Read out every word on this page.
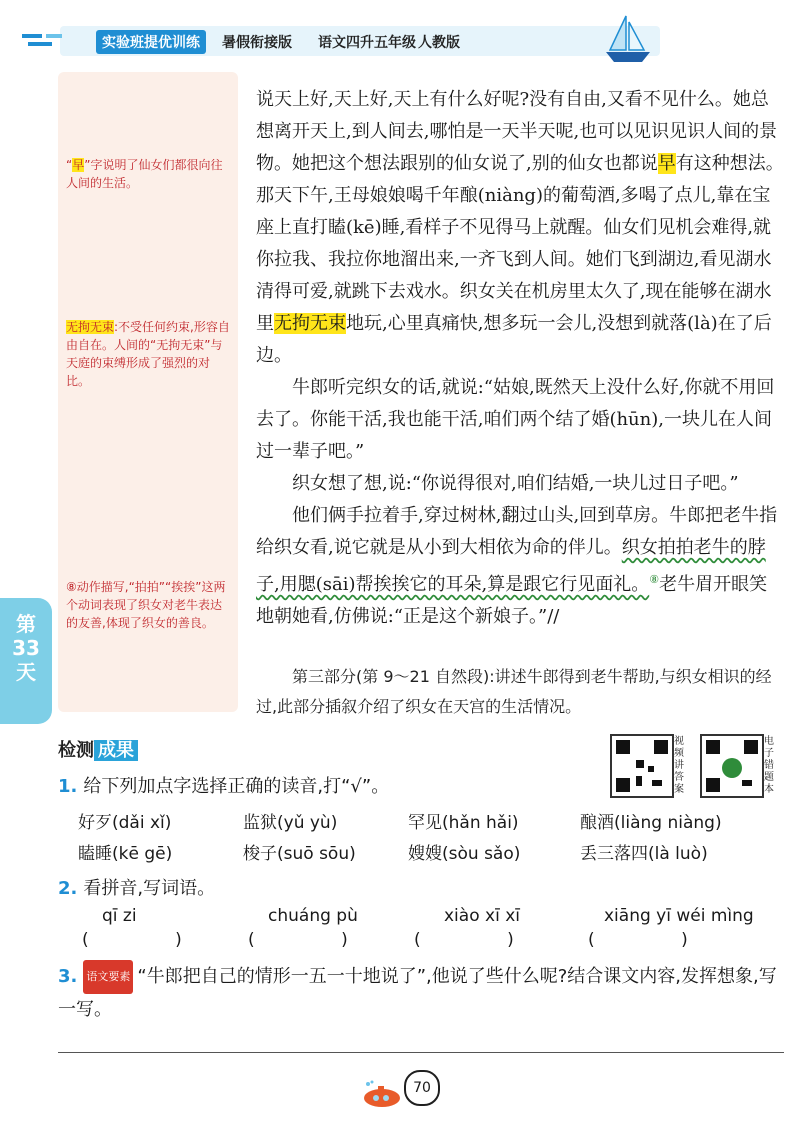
实验班提优训练	暑假衔接版 语文四升五年级 人教版
“早”字说明了仙女们都很向往人间的生活。
无拘无束:不受任何约束,形容自由自在。人间的“无拘无束”与天庭的束缚形成了强烈的对比。
⑧动作描写,“拍拍”“挨挨”这两个动词表现了织女对老牛表达的友善,体现了织女的善良。
第33天

说天上好,天上好,天上有什么好呢?没有自由,又看不见什么。她总想离开天上,到人间去,哪怕是一天半天呢,也可以见识见识人间的景物。她把这个想法跟别的仙女说了,别的仙女也都说早有这种想法。那天下午,王母娘娘喝千年酿(niàng)的葡萄酒,多喝了点儿,靠在宝座上直打瞌(kē)睡,看样子不见得马上就醒。仙女们见机会难得,就你拉我、我拉你地溜出来,一齐飞到人间。她们飞到湖边,看见湖水清得可爱,就跳下去戏水。织女关在机房里太久了,现在能够在湖水里无拘无束地玩,心里真痛快,想多玩一会儿,没想到就落(là)在了后边。

牛郎听完织女的话,就说:“姑娘,既然天上没什么好,你就不用回去了。你能干活,我也能干活,咱们两个结了婚(hūn),一块儿在人间过一辈子吧。”

织女想了想,说:“你说得很对,咱们结婚,一块儿过日子吧。”

他们俩手拉着手,穿过树林,翻过山头,回到草房。牛郎把老牛指给织女看,说它就是从小到大相依为命的伴儿。织女拍拍老牛的脖子,用腮(sāi)帮挨挨它的耳朵,算是跟它行见面礼。⑧老牛眉开眼笑地朝她看,仿佛说:“正是这个新娘子。”//

第三部分(第 9～21 自然段):讲述牛郎得到老牛帮助,与织女相识的经过,此部分插叙介绍了织女在天宫的生活情况。
检测 成果	视频讲答案
电子错题本
1. 给下列加点字选择正确的读音,打“√”。
好歹(dǎi xǐ)	监狱(yǔ yù)	罕见(hǎn hǎi)	酿酒(liàng niàng)
瞌睡(kē gē)	梭子(suō sōu)	嫂嫂(sòu sǎo)	丢三落四(là luò)
2. 看拼音,写词语。
qī zi	chuáng pù	xiào xī xī	xiāng yī wéi mìng
(                )	(                )	(                )	(                )
3. 语文要素 “牛郎把自己的情形一五一十地说了”,他说了些什么呢?结合课文内容,发挥想象,写一写。
70
